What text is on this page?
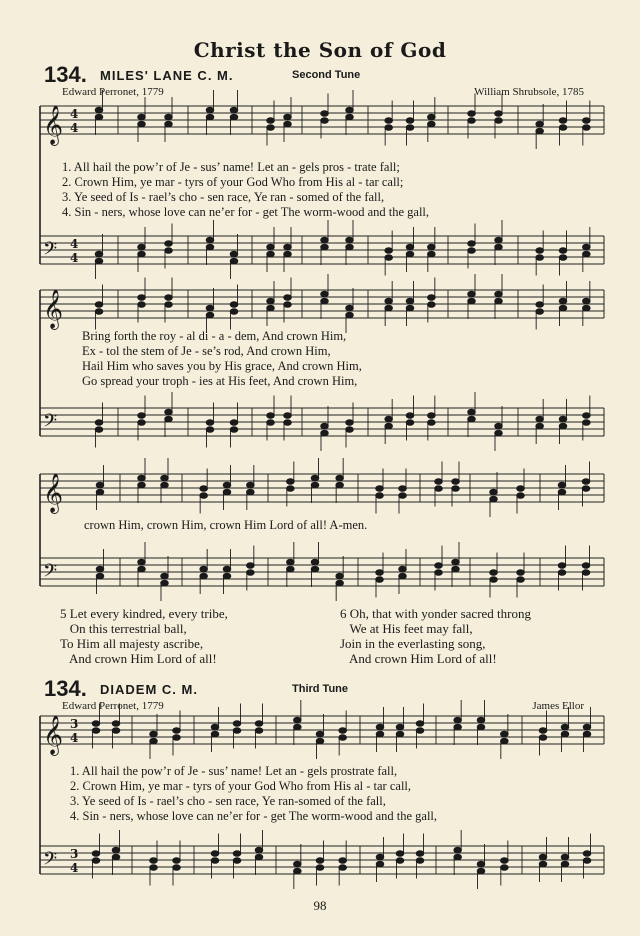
Christ the Son of God
134. MILES' LANE C. M.	Second Tune
Edward Perronet, 1779	William Shrubsole, 1785
𝄞 4
4
𝄢 4
4
𝄞
𝄢
𝄞
𝄢
𝄞 3
4
𝄢 3
4
1. All hail the pow’r of Je - sus’ name! Let an - gels pros - trate fall;
2. Crown Him, ye mar - tyrs of your God Who from His al - tar call;
3. Ye seed of Is - rael’s cho - sen race, Ye ran - somed of the fall,
4. Sin - ners, whose love can ne’er for - get The worm-wood and the gall,
Bring forth the roy - al di - a - dem, And crown Him,
Ex - tol the stem of Je - se’s rod, And crown Him,
Hail Him who saves you by His grace, And crown Him,
Go spread your troph - ies at His feet, And crown Him,
crown Him, crown Him, crown Him Lord of all! A-men.
5 Let every kindred, every tribe,
On this terrestrial ball,
To Him all majesty ascribe,
And crown Him Lord of all!
6 Oh, that with yonder sacred throng
We at His feet may fall,
Join in the everlasting song,
And crown Him Lord of all!
134. DIADEM C. M.	Third Tune
Edward Perronet, 1779	James Ellor
1. All hail the pow’r of Je - sus’ name! Let an - gels prostrate fall,
2. Crown Him, ye mar - tyrs of your God Who from His al - tar call,
3. Ye seed of Is - rael’s cho - sen race, Ye ran-somed of the fall,
4. Sin - ners, whose love can ne’er for - get The worm-wood and the gall,
98
